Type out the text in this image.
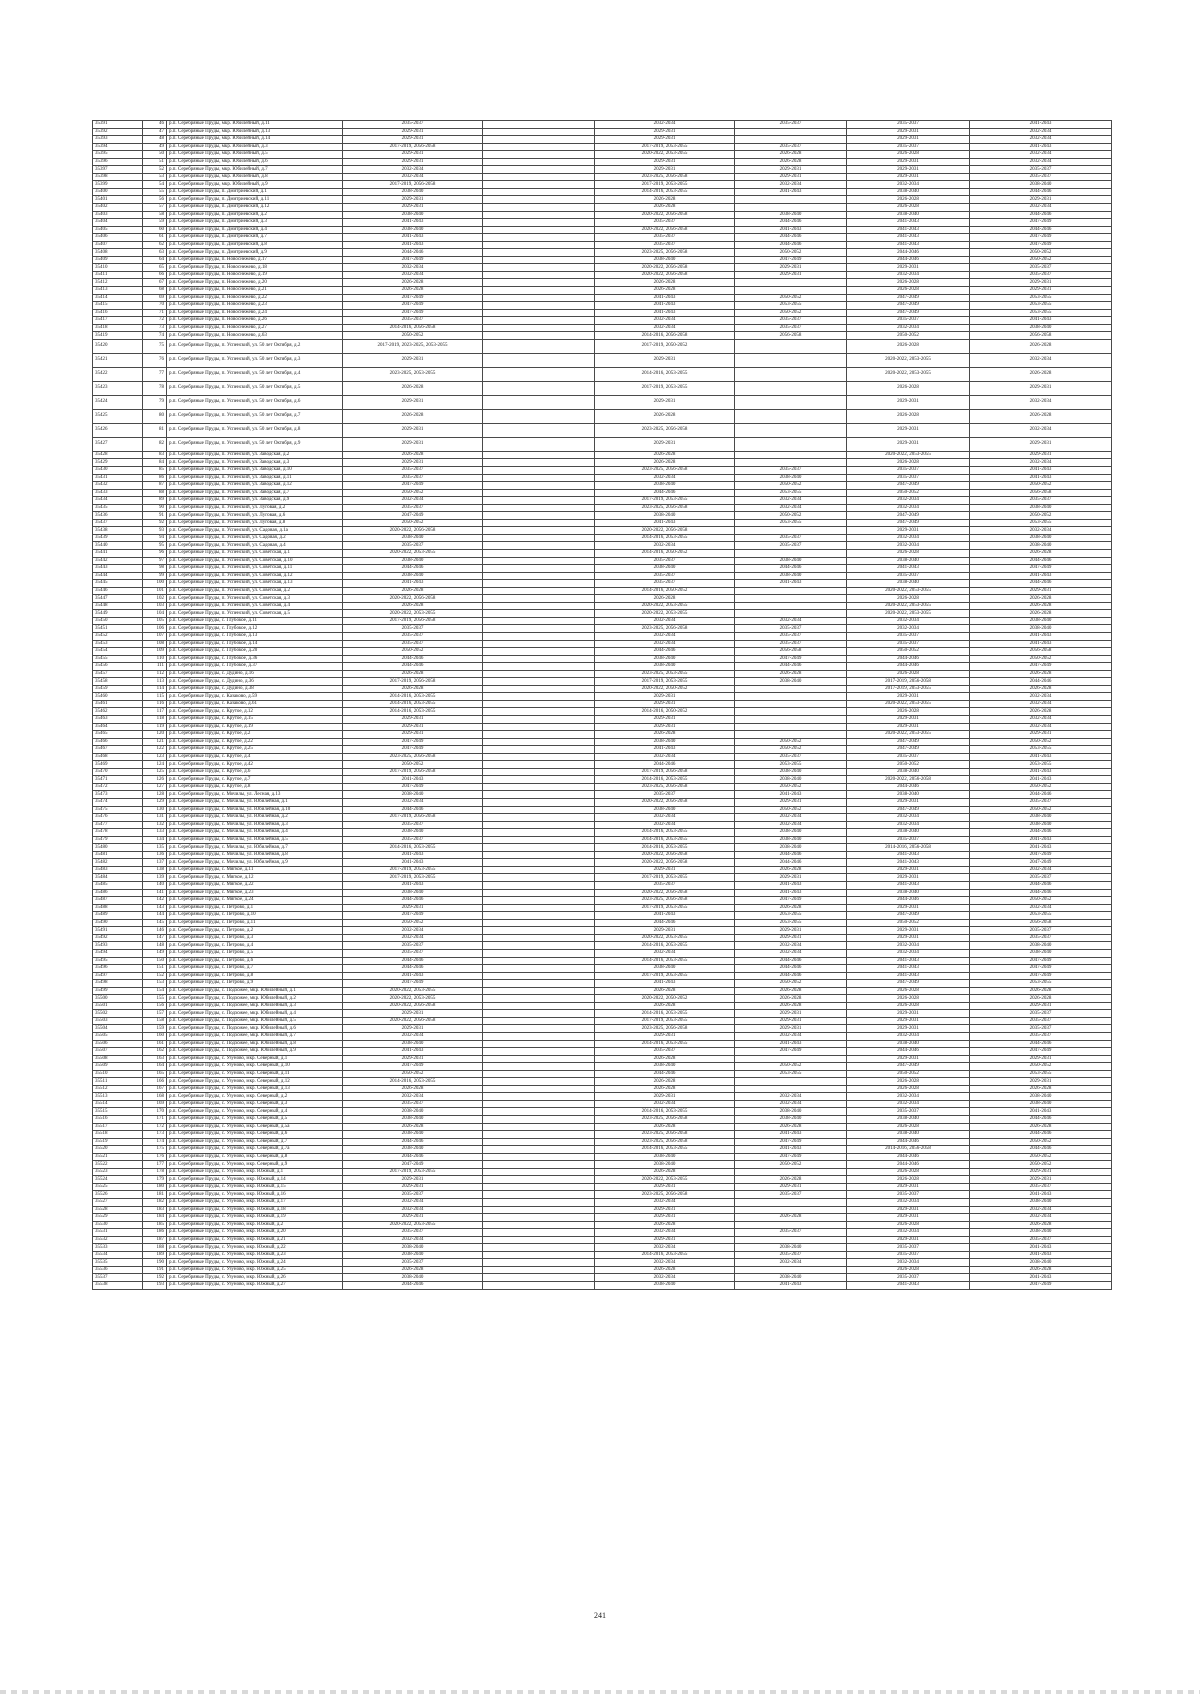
35391	46	р.п. Серебряные Пруды, мкр. Юбилейный, д.11	2035-2037		2032-2034	2035-2037	2035-2037	2041-2043
35392	47	р.п. Серебряные Пруды, мкр. Юбилейный, д.13	2029-2031		2029-2031		2029-2031	2032-2034
35393	48	р.п. Серебряные Пруды, мкр. Юбилейный, д.14	2029-2031		2029-2031		2029-2031	2032-2034
35394	49	р.п. Серебряные Пруды, мкр. Юбилейный, д.3	2017-2019, 2056-2058		2017-2019, 2053-2055	2035-2037	2035-2037	2041-2043
35395	50	р.п. Серебряные Пруды, мкр. Юбилейный, д.5	2029-2031		2020-2022, 2053-2055	2026-2028	2026-2028	2032-2034
35396	51	р.п. Серебряные Пруды, мкр. Юбилейный, д.6	2029-2031		2029-2031	2026-2028	2029-2031	2032-2034
35397	52	р.п. Серебряные Пруды, мкр. Юбилейный, д.7	2032-2034		2029-2031	2029-2031	2029-2031	2035-2037
35398	53	р.п. Серебряные Пруды, мкр. Юбилейный, д.8	2032-2034		2023-2025, 2056-2058	2029-2031	2029-2031	2035-2037
35399	54	р.п. Серебряные Пруды, мкр. Юбилейный, д.9	2017-2019, 2056-2058		2017-2019, 2053-2055	2032-2034	2032-2034	2038-2040
35400	55	р.п. Серебряные Пруды, п. Дмитриевский, д.1	2038-2040		2014-2016, 2053-2055	2041-2043	2038-2040	2044-2046
35401	56	р.п. Серебряные Пруды, п. Дмитриевский, д.11	2029-2031		2026-2028		2026-2028	2029-2031
35402	57	р.п. Серебряные Пруды, п. Дмитриевский, д.12	2029-2031		2026-2028		2026-2028	2032-2034
35403	58	р.п. Серебряные Пруды, п. Дмитриевский, д.2	2038-2040		2020-2022, 2056-2058	2038-2040	2038-2040	2044-2046
35404	59	р.п. Серебряные Пруды, п. Дмитриевский, д.3	2041-2043		2035-2037	2044-2046	2041-2043	2047-2049
35405	60	р.п. Серебряные Пруды, п. Дмитриевский, д.4	2038-2040		2020-2022, 2056-2058	2041-2043	2041-2043	2044-2046
35406	61	р.п. Серебряные Пруды, п. Дмитриевский, д.7	2041-2043		2035-2037	2044-2046	2041-2043	2047-2049
35407	62	р.п. Серебряные Пруды, п. Дмитриевский, д.8	2041-2043		2035-2037	2044-2046	2041-2043	2047-2049
35408	63	р.п. Серебряные Пруды, п. Дмитриевский, д.9	2044-2046		2023-2025, 2056-2058	2050-2052	2044-2046	2050-2052
35409	64	р.п. Серебряные Пруды, п. Новоснежево, д.17	2047-2049		2038-2040	2047-2049	2044-2046	2050-2052
35410	65	р.п. Серебряные Пруды, п. Новоснежево, д.18	2032-2034		2020-2022, 2056-2058	2029-2031	2029-2031	2035-2037
35411	66	р.п. Серебряные Пруды, п. Новоснежево, д.19	2032-2034		2020-2022, 2056-2058	2029-2031	2032-2034	2035-2037
35412	67	р.п. Серебряные Пруды, п. Новоснежево, д.20	2026-2028		2026-2028		2026-2028	2029-2031
35413	68	р.п. Серебряные Пруды, п. Новоснежево, д.21	2026-2028		2026-2028		2026-2028	2029-2031
35414	69	р.п. Серебряные Пруды, п. Новоснежево, д.22	2047-2049		2041-2043	2050-2052	2047-2049	2053-2055
35415	70	р.п. Серебряные Пруды, п. Новоснежево, д.23	2047-2049		2041-2043	2053-2055	2047-2049	2053-2055
35416	71	р.п. Серебряные Пруды, п. Новоснежево, д.24	2047-2049		2041-2043	2050-2052	2047-2049	2053-2055
35417	72	р.п. Серебряные Пруды, п. Новоснежево, д.26	2035-2037		2032-2034	2035-2037	2035-2037	2041-2043
35418	73	р.п. Серебряные Пруды, п. Новоснежево, д.27	2014-2016, 2056-2058		2032-2034	2035-2037	2032-2034	2038-2040
35419	74	р.п. Серебряные Пруды, п. Новоснежево, д.63	2050-2052		2014-2016, 2056-2058	2056-2058	2050-2052	2056-2058
35420	75	р.п. Серебряные Пруды, п. Успенский, ул. 50 лет Октября, д.2	2017-2019, 2023-2025, 2053-2055		2017-2019, 2050-2052		2026-2028	2026-2028
35421	76	р.п. Серебряные Пруды, п. Успенский, ул. 50 лет Октября, д.3	2029-2031		2029-2031		2020-2022, 2053-2055	2032-2034
35422	77	р.п. Серебряные Пруды, п. Успенский, ул. 50 лет Октября, д.4	2023-2025, 2053-2055		2014-2016, 2053-2055		2020-2022, 2053-2055	2026-2028
35423	78	р.п. Серебряные Пруды, п. Успенский, ул. 50 лет Октября, д.5	2026-2028		2017-2019, 2053-2055		2026-2028	2029-2031
35424	79	р.п. Серебряные Пруды, п. Успенский, ул. 50 лет Октября, д.6	2029-2031		2029-2031		2029-2031	2032-2034
35425	80	р.п. Серебряные Пруды, п. Успенский, ул. 50 лет Октября, д.7	2026-2028		2026-2028		2026-2028	2026-2028
35426	81	р.п. Серебряные Пруды, п. Успенский, ул. 50 лет Октября, д.8	2029-2031		2023-2025, 2056-2058		2029-2031	2032-2034
35427	82	р.п. Серебряные Пруды, п. Успенский, ул. 50 лет Октября, д.9	2029-2031		2029-2031		2029-2031	2029-2031
35428	83	р.п. Серебряные Пруды, п. Успенский, ул. Заводская, д.2	2026-2028		2026-2028		2020-2022, 2053-2055	2029-2031
35429	84	р.п. Серебряные Пруды, п. Успенский, ул. Заводская, д.3	2029-2031		2026-2028		2026-2028	2032-2034
35430	85	р.п. Серебряные Пруды, п. Успенский, ул. Заводская, д.10	2035-2037		2023-2025, 2056-2058	2035-2037	2035-2037	2041-2043
35431	86	р.п. Серебряные Пруды, п. Успенский, ул. Заводская, д.11	2035-2037		2032-2034	2038-2040	2035-2037	2041-2043
35432	87	р.п. Серебряные Пруды, п. Успенский, ул. Заводская, д.12	2047-2049		2038-2040	2050-2052	2047-2049	2050-2052
35433	88	р.п. Серебряные Пруды, п. Успенский, ул. Заводская, д.7	2050-2052		2044-2046	2053-2055	2050-2052	2056-2058
35434	89	р.п. Серебряные Пруды, п. Успенский, ул. Заводская, д.9	2032-2034		2017-2019, 2053-2055	2032-2034	2032-2034	2035-2037
35435	90	р.п. Серебряные Пруды, п. Успенский, ул. Луговая, д.2	2035-2037		2023-2025, 2056-2058	2032-2034	2032-2034	2038-2040
35436	91	р.п. Серебряные Пруды, п. Успенский, ул. Луговая, д.6	2047-2049		2038-2040	2050-2052	2047-2049	2050-2052
35437	92	р.п. Серебряные Пруды, п. Успенский, ул. Луговая, д.8	2050-2052		2041-2043	2053-2055	2047-2049	2053-2055
35438	93	р.п. Серебряные Пруды, п. Успенский, ул. Садовая, д.1а	2020-2022, 2056-2058		2020-2022, 2056-2058		2029-2031	2032-2034
35439	94	р.п. Серебряные Пруды, п. Успенский, ул. Садовая, д.2	2038-2040		2014-2016, 2053-2055	2035-2037	2032-2034	2038-2040
35440	95	р.п. Серебряные Пруды, п. Успенский, ул. Садовая, д.4	2035-2037		2032-2034	2035-2037	2032-2034	2038-2040
35441	96	р.п. Серебряные Пруды, п. Успенский, ул. Советская, д.1	2020-2022, 2053-2055		2014-2016, 2050-2052		2026-2028	2026-2028
35442	97	р.п. Серебряные Пруды, п. Успенский, ул. Советская, д.10	2038-2040		2035-2037	2038-2040	2038-2040	2044-2046
35443	98	р.п. Серебряные Пруды, п. Успенский, ул. Советская, д.11	2044-2046		2038-2040	2044-2046	2041-2043	2047-2049
35444	99	р.п. Серебряные Пруды, п. Успенский, ул. Советская, д.12	2038-2040		2035-2037	2038-2040	2035-2037	2041-2043
35445	100	р.п. Серебряные Пруды, п. Успенский, ул. Советская, д.13	2041-2043		2035-2037	2041-2043	2038-2040	2044-2046
35446	101	р.п. Серебряные Пруды, п. Успенский, ул. Советская, д.2	2026-2028		2014-2016, 2050-2052		2020-2022, 2053-2055	2029-2031
35447	102	р.п. Серебряные Пруды, п. Успенский, ул. Советская, д.3	2020-2022, 2056-2058		2026-2028		2026-2028	2026-2028
35448	103	р.п. Серебряные Пруды, п. Успенский, ул. Советская, д.4	2026-2028		2020-2022, 2053-2055		2020-2022, 2053-2055	2026-2028
35449	104	р.п. Серебряные Пруды, п. Успенский, ул. Советская, д.5	2020-2022, 2053-2055		2020-2022, 2053-2055		2020-2022, 2053-2055	2026-2028
35450	105	р.п. Серебряные Пруды, с. Глубокое, д.11	2017-2019, 2056-2058		2032-2034	2032-2034	2032-2034	2038-2040
35451	106	р.п. Серебряные Пруды, с. Глубокое, д.12	2035-2037		2023-2025, 2056-2058	2035-2037	2032-2034	2038-2040
35452	107	р.п. Серебряные Пруды, с. Глубокое, д.13	2035-2037		2032-2034	2035-2037	2035-2037	2041-2043
35453	108	р.п. Серебряные Пруды, с. Глубокое, д.14	2035-2037		2032-2034	2035-2037	2035-2037	2041-2043
35454	109	р.п. Серебряные Пруды, с. Глубокое, д.20	2050-2052		2044-2046	2056-2058	2050-2052	2056-2058
35455	110	р.п. Серебряные Пруды, с. Глубокое, д.36	2044-2046		2038-2040	2047-2049	2044-2046	2050-2052
35456	111	р.п. Серебряные Пруды, с. Глубокое, д.37	2044-2046		2038-2040	2044-2046	2044-2046	2047-2049
35457	112	р.п. Серебряные Пруды, с. Дудино, д.16	2026-2028		2023-2025, 2053-2055	2026-2028	2026-2028	2026-2028
35458	113	р.п. Серебряные Пруды, с. Дудино, д.36	2017-2019, 2056-2058		2017-2019, 2053-2055	2038-2040	2017-2019, 2056-2058	2044-2046
35459	114	р.п. Серебряные Пруды, с. Дудино, д.38	2026-2028		2020-2022, 2050-2052		2017-2019, 2053-2055	2026-2028
35460	115	р.п. Серебряные Пруды, с. Казаково, д.59	2014-2016, 2053-2055		2029-2031		2029-2031	2032-2034
35461	116	р.п. Серебряные Пруды, с. Казаково, д.61	2014-2016, 2053-2055		2029-2031		2020-2022, 2053-2055	2032-2034
35462	117	р.п. Серебряные Пруды, с. Крутое, д.12	2014-2016, 2053-2055		2014-2016, 2050-2052		2026-2028	2026-2028
35463	118	р.п. Серебряные Пруды, с. Крутое, д.15	2029-2031		2029-2031		2029-2031	2032-2034
35464	119	р.п. Серебряные Пруды, с. Крутое, д.19	2029-2031		2029-2031		2029-2031	2032-2034
35465	120	р.п. Серебряные Пруды, с. Крутое, д.2	2029-2031		2026-2028		2020-2022, 2053-2055	2029-2031
35466	121	р.п. Серебряные Пруды, с. Крутое, д.22	2047-2049		2038-2040	2050-2052	2047-2049	2050-2052
35467	122	р.п. Серебряные Пруды, с. Крутое, д.25	2047-2049		2041-2043	2050-2052	2047-2049	2053-2055
35468	123	р.п. Серебряные Пруды, с. Крутое, д.4	2023-2025, 2056-2058		2032-2034	2035-2037	2035-2037	2041-2043
35469	124	р.п. Серебряные Пруды, с. Крутое, д.42	2050-2052		2044-2046	2053-2055	2050-2052	2053-2055
35470	125	р.п. Серебряные Пруды, с. Крутое, д.6	2017-2019, 2056-2058		2017-2019, 2056-2058	2038-2040	2038-2040	2041-2043
35471	126	р.п. Серебряные Пруды, с. Крутое, д.7	2041-2043		2014-2016, 2053-2055	2038-2040	2020-2022, 2056-2058	2041-2043
35472	127	р.п. Серебряные Пруды, с. Крутое, д.8	2047-2049		2023-2025, 2056-2058	2050-2052	2044-2046	2050-2052
35473	128	р.п. Серебряные Пруды, с. Мочилы, ул. Лесная, д.13	2038-2040		2035-2037	2041-2043	2038-2040	2044-2046
35474	129	р.п. Серебряные Пруды, с. Мочилы, ул. Юбилейная, д.1	2032-2034		2020-2022, 2056-2058	2029-2031	2029-2031	2035-2037
35475	130	р.п. Серебряные Пруды, с. Мочилы, ул. Юбилейная, д.10	2044-2046		2038-2040	2050-2052	2047-2049	2050-2052
35476	131	р.п. Серебряные Пруды, с. Мочилы, ул. Юбилейная, д.2	2017-2019, 2056-2058		2032-2034	2032-2034	2032-2034	2038-2040
35477	132	р.п. Серебряные Пруды, с. Мочилы, ул. Юбилейная, д.3	2035-2037		2032-2034	2032-2034	2032-2034	2038-2040
35478	133	р.п. Серебряные Пруды, с. Мочилы, ул. Юбилейная, д.4	2038-2040		2014-2016, 2053-2055	2038-2040	2038-2040	2044-2046
35479	134	р.п. Серебряные Пруды, с. Мочилы, ул. Юбилейная, д.5	2035-2037		2014-2016, 2053-2055	2038-2040	2035-2037	2041-2043
35480	135	р.п. Серебряные Пруды, с. Мочилы, ул. Юбилейная, д.7	2014-2016, 2053-2055		2014-2016, 2053-2055	2038-2040	2014-2016, 2056-2058	2041-2043
35481	136	р.п. Серебряные Пруды, с. Мочилы, ул. Юбилейная, д.8	2041-2043		2020-2022, 2056-2058	2044-2046	2041-2043	2047-2049
35482	137	р.п. Серебряные Пруды, с. Мочилы, ул. Юбилейная, д.9	2041-2043		2020-2022, 2056-2058	2044-2046	2041-2043	2047-2049
35483	138	р.п. Серебряные Пруды, с. Мягкое, д.11	2017-2019, 2053-2055		2029-2031	2026-2028	2029-2031	2032-2034
35484	139	р.п. Серебряные Пруды, с. Мягкое, д.12	2017-2019, 2053-2055		2017-2019, 2053-2055	2029-2031	2029-2031	2035-2037
35485	140	р.п. Серебряные Пруды, с. Мягкое, д.22	2041-2043		2035-2037	2041-2043	2041-2043	2044-2046
35486	141	р.п. Серебряные Пруды, с. Мягкое, д.23	2038-2040		2020-2022, 2056-2058	2041-2043	2038-2040	2044-2046
35487	142	р.п. Серебряные Пруды, с. Мягкое, д.24	2044-2046		2023-2025, 2056-2058	2047-2049	2044-2046	2050-2052
35488	143	р.п. Серебряные Пруды, с. Петрово, д.1	2029-2031		2017-2019, 2053-2055	2026-2028	2029-2031	2032-2034
35489	144	р.п. Серебряные Пруды, с. Петрово, д.10	2047-2049		2041-2043	2053-2055	2047-2049	2053-2055
35490	145	р.п. Серебряные Пруды, с. Петрово, д.11	2050-2052		2044-2046	2053-2055	2050-2052	2056-2058
35491	146	р.п. Серебряные Пруды, с. Петрово, д.2	2032-2034		2029-2031	2029-2031	2029-2031	2035-2037
35492	147	р.п. Серебряные Пруды, с. Петрово, д.3	2032-2034		2020-2022, 2053-2055	2029-2031	2029-2031	2035-2037
35493	148	р.п. Серебряные Пруды, с. Петрово, д.4	2035-2037		2014-2016, 2053-2055	2032-2034	2032-2034	2038-2040
35494	149	р.п. Серебряные Пруды, с. Петрово, д.5	2035-2037		2032-2034	2032-2034	2032-2034	2038-2040
35495	150	р.п. Серебряные Пруды, с. Петрово, д.6	2044-2046		2014-2016, 2053-2055	2044-2046	2041-2043	2047-2049
35496	151	р.п. Серебряные Пруды, с. Петрово, д.7	2044-2046		2038-2040	2044-2046	2041-2043	2047-2049
35497	152	р.п. Серебряные Пруды, с. Петрово, д.8	2041-2043		2017-2019, 2053-2055	2044-2046	2041-2043	2047-2049
35498	153	р.п. Серебряные Пруды, с. Петрово, д.9	2047-2049		2041-2043	2050-2052	2047-2049	2053-2055
35499	154	р.п. Серебряные Пруды, с. Подхожее, мкр. Юбилейный, д.1	2020-2022, 2053-2055		2026-2028	2026-2028	2026-2028	2026-2028
35500	155	р.п. Серебряные Пруды, с. Подхожее, мкр. Юбилейный, д.2	2020-2022, 2053-2055		2020-2022, 2050-2052	2026-2028	2026-2028	2026-2028
35501	156	р.п. Серебряные Пруды, с. Подхожее, мкр. Юбилейный, д.3	2020-2022, 2056-2058		2026-2028	2026-2028	2026-2028	2029-2031
35502	157	р.п. Серебряные Пруды, с. Подхожее, мкр. Юбилейный, д.4	2029-2031		2014-2016, 2053-2055	2029-2031	2029-2031	2035-2037
35503	158	р.п. Серебряные Пруды, с. Подхожее, мкр. Юбилейный, д.5	2020-2022, 2056-2058		2017-2019, 2053-2055	2029-2031	2029-2031	2035-2037
35504	159	р.п. Серебряные Пруды, с. Подхожее, мкр. Юбилейный, д.6	2029-2031		2023-2025, 2056-2058	2029-2031	2029-2031	2035-2037
35505	160	р.п. Серебряные Пруды, с. Подхожее, мкр. Юбилейный, д.7	2032-2034		2029-2031	2032-2034	2032-2034	2035-2037
35506	161	р.п. Серебряные Пруды, с. Подхожее, мкр. Юбилейный, д.8	2038-2040		2014-2016, 2053-2055	2041-2043	2038-2040	2044-2046
35507	162	р.п. Серебряные Пруды, с. Подхожее, мкр. Юбилейный, д.9	2041-2043		2035-2037	2047-2049	2044-2046	2047-2049
35508	163	р.п. Серебряные Пруды, с. Узуново, мкр. Северный, д.1	2029-2031		2026-2028		2029-2031	2029-2031
35509	164	р.п. Серебряные Пруды, с. Узуново, мкр. Северный, д.10	2047-2049		2038-2040	2050-2052	2047-2049	2050-2052
35510	165	р.п. Серебряные Пруды, с. Узуново, мкр. Северный, д.11	2050-2052		2044-2046	2053-2055	2050-2052	2053-2055
35511	166	р.п. Серебряные Пруды, с. Узуново, мкр. Северный, д.12	2014-2016, 2053-2055		2026-2028		2026-2028	2029-2031
35512	167	р.п. Серебряные Пруды, с. Узуново, мкр. Северный, д.13	2026-2028		2026-2028		2026-2028	2026-2028
35513	168	р.п. Серебряные Пруды, с. Узуново, мкр. Северный, д.2	2032-2034		2029-2031	2032-2034	2032-2034	2038-2040
35514	169	р.п. Серебряные Пруды, с. Узуново, мкр. Северный, д.3	2035-2037		2032-2034	2032-2034	2032-2034	2038-2040
35515	170	р.п. Серебряные Пруды, с. Узуново, мкр. Северный, д.4	2038-2040		2014-2016, 2053-2055	2038-2040	2035-2037	2041-2043
35516	171	р.п. Серебряные Пруды, с. Узуново, мкр. Северный, д.5	2038-2040		2023-2025, 2056-2058	2038-2040	2038-2040	2044-2046
35517	172	р.п. Серебряные Пруды, с. Узуново, мкр. Северный, д.5а	2026-2028		2026-2028	2026-2028	2026-2028	2026-2028
35518	173	р.п. Серебряные Пруды, с. Узуново, мкр. Северный, д.6	2038-2040		2023-2025, 2056-2058	2041-2043	2038-2040	2044-2046
35519	174	р.п. Серебряные Пруды, с. Узуново, мкр. Северный, д.7	2044-2046		2023-2025, 2056-2058	2047-2049	2044-2046	2050-2052
35520	175	р.п. Серебряные Пруды, с. Узуново, мкр. Северный, д.7а	2038-2040		2014-2016, 2053-2055	2041-2043	2014-2016, 2056-2058	2044-2046
35521	176	р.п. Серебряные Пруды, с. Узуново, мкр. Северный, д.8	2044-2046		2038-2040	2047-2049	2044-2046	2050-2052
35522	177	р.п. Серебряные Пруды, с. Узуново, мкр. Северный, д.9	2047-2049		2038-2040	2050-2052	2044-2046	2050-2052
35523	178	р.п. Серебряные Пруды, с. Узуново, мкр. Южный, д.1	2017-2019, 2053-2055		2026-2028		2026-2028	2029-2031
35524	179	р.п. Серебряные Пруды, с. Узуново, мкр. Южный, д.14	2029-2031		2020-2022, 2053-2055	2026-2028	2026-2028	2029-2031
35525	180	р.п. Серебряные Пруды, с. Узуново, мкр. Южный, д.15	2029-2031		2029-2031	2029-2031	2029-2031	2035-2037
35526	181	р.п. Серебряные Пруды, с. Узуново, мкр. Южный, д.16	2035-2037		2023-2025, 2056-2058	2035-2037	2035-2037	2041-2043
35527	182	р.п. Серебряные Пруды, с. Узуново, мкр. Южный, д.17	2032-2034		2032-2034		2032-2034	2038-2040
35528	183	р.п. Серебряные Пруды, с. Узуново, мкр. Южный, д.18	2032-2034		2029-2031		2029-2031	2032-2034
35529	184	р.п. Серебряные Пруды, с. Узуново, мкр. Южный, д.19	2029-2031		2029-2031	2026-2028	2029-2031	2032-2034
35530	185	р.п. Серебряные Пруды, с. Узуново, мкр. Южный, д.2	2020-2022, 2053-2055		2026-2028		2026-2028	2026-2028
35531	186	р.п. Серебряные Пруды, с. Узуново, мкр. Южный, д.20	2035-2037		2032-2034	2035-2037	2032-2034	2038-2040
35532	187	р.п. Серебряные Пруды, с. Узуново, мкр. Южный, д.21	2032-2034		2029-2031		2029-2031	2035-2037
35533	188	р.п. Серебряные Пруды, с. Узуново, мкр. Южный, д.22	2038-2040		2032-2034	2038-2040	2035-2037	2041-2043
35534	189	р.п. Серебряные Пруды, с. Узуново, мкр. Южный, д.23	2038-2040		2014-2016, 2053-2055	2035-2037	2035-2037	2041-2043
35535	190	р.п. Серебряные Пруды, с. Узуново, мкр. Южный, д.24	2035-2037		2032-2034	2032-2034	2032-2034	2038-2040
35536	191	р.п. Серебряные Пруды, с. Узуново, мкр. Южный, д.25	2026-2028		2026-2028		2026-2028	2026-2028
35537	192	р.п. Серебряные Пруды, с. Узуново, мкр. Южный, д.26	2038-2040		2032-2034	2038-2040	2035-2037	2041-2043
35538	193	р.п. Серебряные Пруды, с. Узуново, мкр. Южный, д.27	2044-2046		2038-2040	2041-2043	2041-2043	2047-2049
241
